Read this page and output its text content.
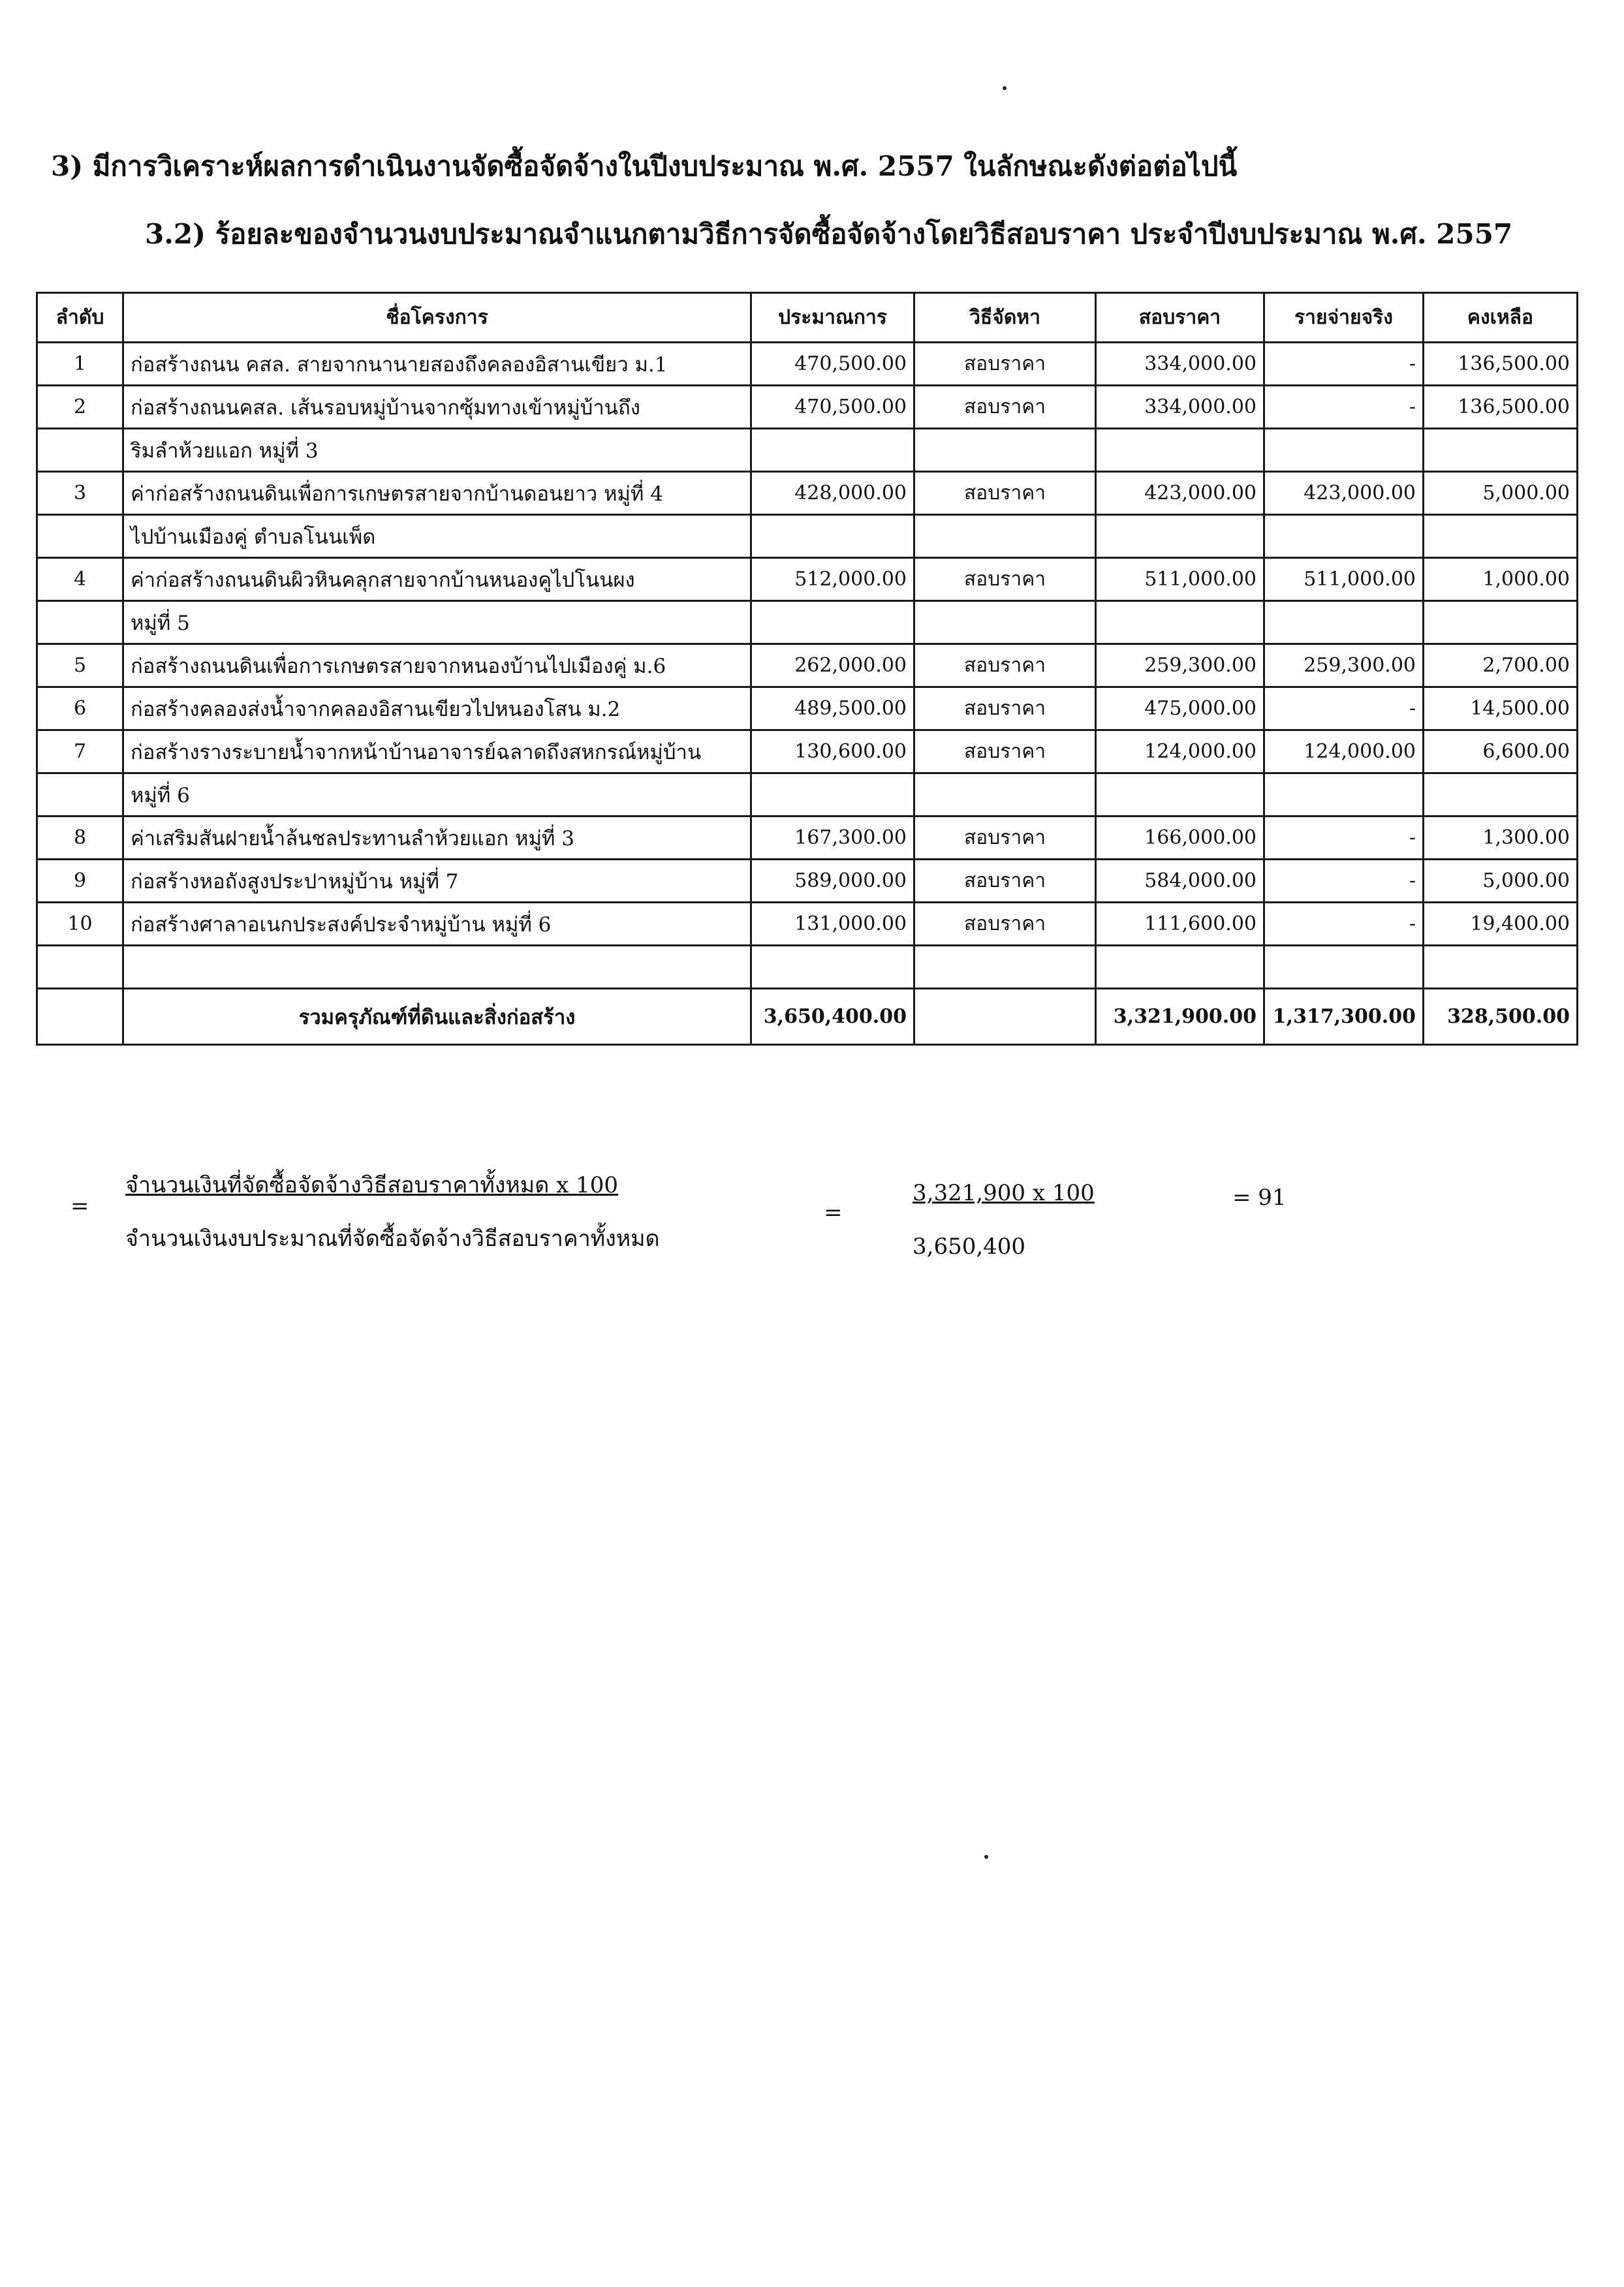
3) มีการวิเคราะห์ผลการดำเนินงานจัดซื้อจัดจ้างในปีงบประมาณ พ.ศ. 2557 ในลักษณะดังต่อต่อไปนี้
3.2) ร้อยละของจำนวนงบประมาณจำแนกตามวิธีการจัดซื้อจัดจ้างโดยวิธีสอบราคา ประจำปีงบประมาณ พ.ศ. 2557
ลำดับ	ชื่อโครงการ	ประมาณการ	วิธีจัดหา	สอบราคา	รายจ่ายจริง	คงเหลือ
1	ก่อสร้างถนน คสล. สายจากนานายสองถึงคลองอิสานเขียว ม.1	470,500.00	สอบราคา	334,000.00	-	136,500.00
2	ก่อสร้างถนนคสล. เส้นรอบหมู่บ้านจากซุ้มทางเข้าหมู่บ้านถึง	470,500.00	สอบราคา	334,000.00	-	136,500.00
	ริมลำห้วยแอก หมู่ที่ 3					
3	ค่าก่อสร้างถนนดินเพื่อการเกษตรสายจากบ้านดอนยาว หมู่ที่ 4	428,000.00	สอบราคา	423,000.00	423,000.00	5,000.00
	ไปบ้านเมืองคู่ ตำบลโนนเพ็ด					
4	ค่าก่อสร้างถนนดินผิวหินคลุกสายจากบ้านหนองคูไปโนนผง	512,000.00	สอบราคา	511,000.00	511,000.00	1,000.00
	หมู่ที่ 5					
5	ก่อสร้างถนนดินเพื่อการเกษตรสายจากหนองบ้านไปเมืองคู่ ม.6	262,000.00	สอบราคา	259,300.00	259,300.00	2,700.00
6	ก่อสร้างคลองส่งน้ำจากคลองอิสานเขียวไปหนองโสน ม.2	489,500.00	สอบราคา	475,000.00	-	14,500.00
7	ก่อสร้างรางระบายน้ำจากหน้าบ้านอาจารย์ฉลาดถึงสหกรณ์หมู่บ้าน	130,600.00	สอบราคา	124,000.00	124,000.00	6,600.00
	หมู่ที่ 6					
8	ค่าเสริมสันฝายน้ำล้นชลประทานลำห้วยแอก หมู่ที่ 3	167,300.00	สอบราคา	166,000.00	-	1,300.00
9	ก่อสร้างหอถังสูงประปาหมู่บ้าน หมู่ที่ 7	589,000.00	สอบราคา	584,000.00	-	5,000.00
10	ก่อสร้างศาลาอเนกประสงค์ประจำหมู่บ้าน หมู่ที่ 6	131,000.00	สอบราคา	111,600.00	-	19,400.00

	รวมครุภัณฑ์ที่ดินและสิ่งก่อสร้าง	3,650,400.00		3,321,900.00	1,317,300.00	328,500.00
=
จำนวนเงินที่จัดซื้อจัดจ้างวิธีสอบราคาทั้งหมด x 100
จำนวนเงินงบประมาณที่จัดซื้อจัดจ้างวิธีสอบราคาทั้งหมด
=
3,321,900 x 100
3,650,400
= 91
